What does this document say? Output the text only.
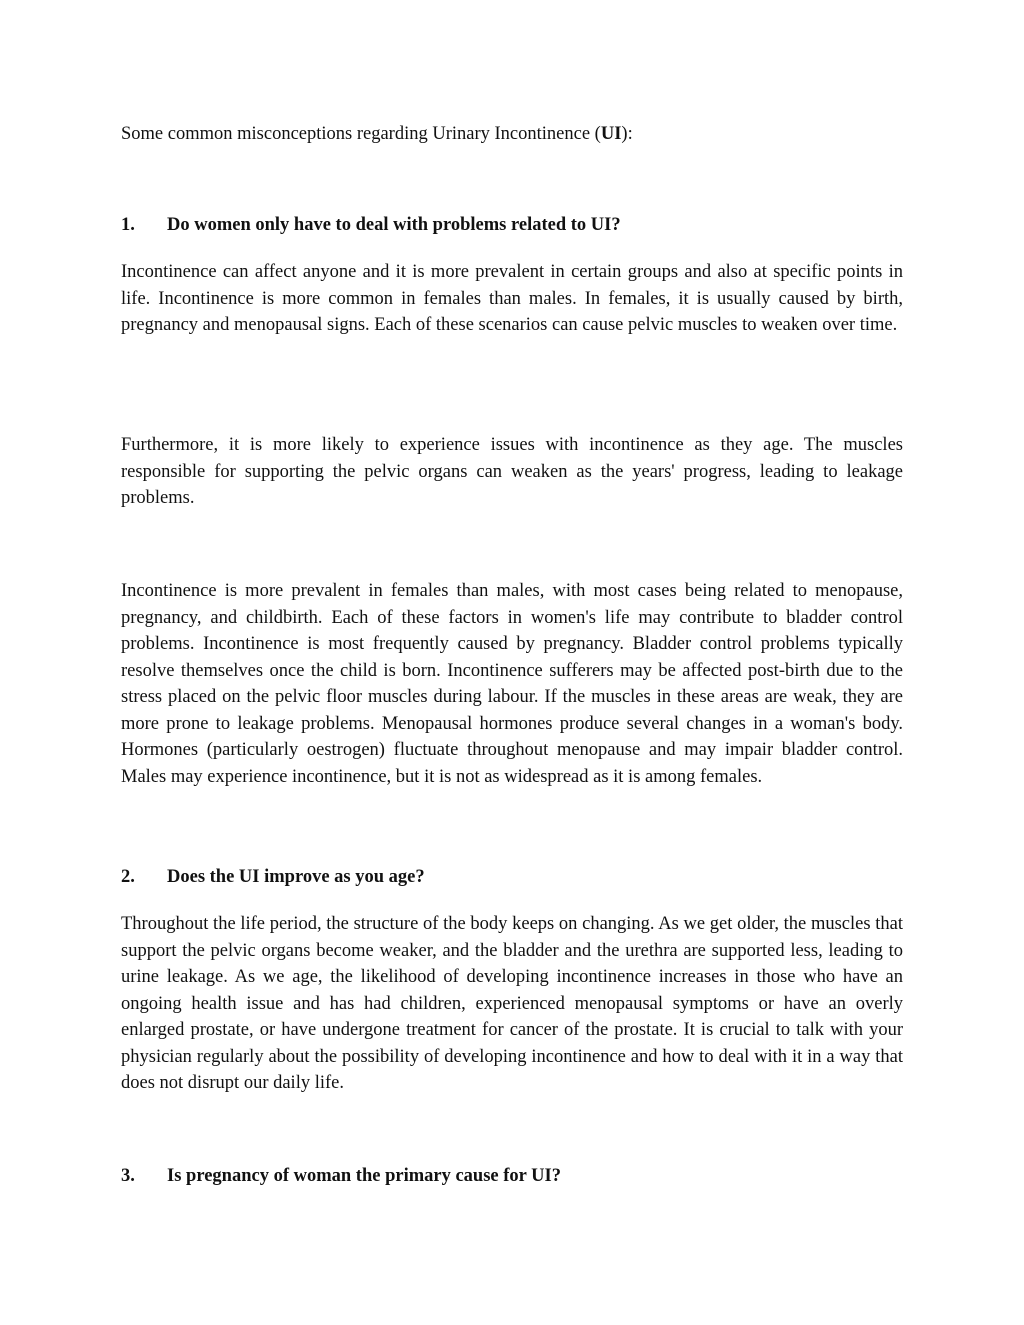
Some common misconceptions regarding Urinary Incontinence (UI):

1.	Do women only have to deal with problems related to UI?

Incontinence can affect anyone and it is more prevalent in certain groups and also at specific points in life. Incontinence is more common in females than males. In females, it is usually caused by birth, pregnancy and menopausal signs. Each of these scenarios can cause pelvic muscles to weaken over time.

Furthermore, it is more likely to experience issues with incontinence as they age. The muscles responsible for supporting the pelvic organs can weaken as the years' progress, leading to leakage problems.

Incontinence is more prevalent in females than males, with most cases being related to menopause, pregnancy, and childbirth. Each of these factors in women's life may contribute to bladder control problems. Incontinence is most frequently caused by pregnancy. Bladder control problems typically resolve themselves once the child is born. Incontinence sufferers may be affected post-birth due to the stress placed on the pelvic floor muscles during labour. If the muscles in these areas are weak, they are more prone to leakage problems. Menopausal hormones produce several changes in a woman's body. Hormones (particularly oestrogen) fluctuate throughout menopause and may impair bladder control. Males may experience incontinence, but it is not as widespread as it is among females.

2.	Does the UI improve as you age?

Throughout the life period, the structure of the body keeps on changing. As we get older, the muscles that support the pelvic organs become weaker, and the bladder and the urethra are supported less, leading to urine leakage. As we age, the likelihood of developing incontinence increases in those who have an ongoing health issue and has had children, experienced menopausal symptoms or have an overly enlarged prostate, or have undergone treatment for cancer of the prostate. It is crucial to talk with your physician regularly about the possibility of developing incontinence and how to deal with it in a way that does not disrupt our daily life.

3.	Is pregnancy of woman the primary cause for UI?
